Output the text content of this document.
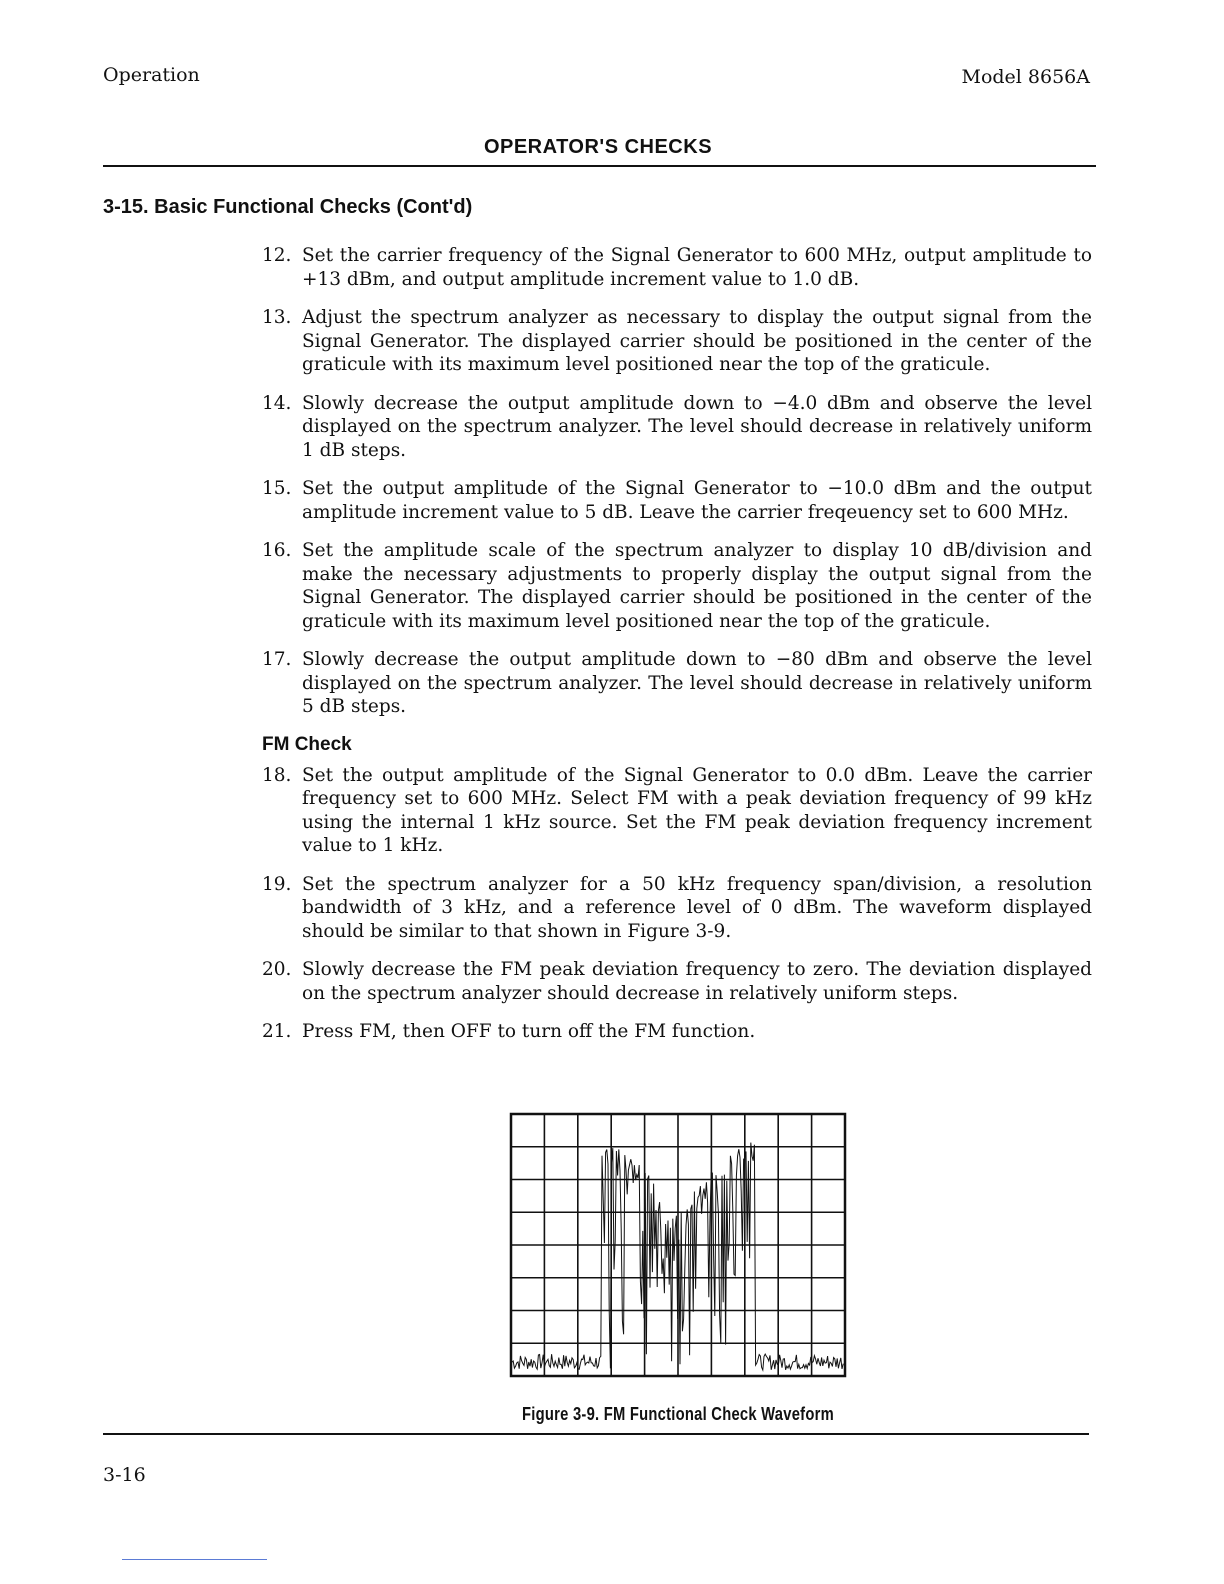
Operation	Model 8656A
OPERATOR'S CHECKS
3-15. Basic Functional Checks (Cont'd)
12. Set the carrier frequency of the Signal Generator to 600 MHz, output amplitude to +13 dBm, and output amplitude increment value to 1.0 dB.
13. Adjust the spectrum analyzer as necessary to display the output signal from the Signal Generator. The displayed carrier should be positioned in the center of the graticule with its maximum level positioned near the top of the graticule.
14. Slowly decrease the output amplitude down to −4.0 dBm and observe the level displayed on the spectrum analyzer. The level should decrease in relatively uniform 1 dB steps.
15. Set the output amplitude of the Signal Generator to −10.0 dBm and the output amplitude increment value to 5 dB. Leave the carrier freqeuency set to 600 MHz.
16. Set the amplitude scale of the spectrum analyzer to display 10 dB/division and make the necessary adjustments to properly display the output signal from the Signal Generator. The displayed carrier should be positioned in the center of the graticule with its maximum level positioned near the top of the graticule.
17. Slowly decrease the output amplitude down to −80 dBm and observe the level displayed on the spectrum analyzer. The level should decrease in relatively uniform 5 dB steps.
FM Check
18. Set the output amplitude of the Signal Generator to 0.0 dBm. Leave the carrier frequency set to 600 MHz. Select FM with a peak deviation frequency of 99 kHz using the internal 1 kHz source. Set the FM peak deviation frequency increment value to 1 kHz.
19. Set the spectrum analyzer for a 50 kHz frequency span/division, a resolution bandwidth of 3 kHz, and a reference level of 0 dBm. The waveform displayed should be similar to that shown in Figure 3-9.
20. Slowly decrease the FM peak deviation frequency to zero. The deviation displayed on the spectrum analyzer should decrease in relatively uniform steps.
21. Press FM, then OFF to turn off the FM function.
Figure 3-9. FM Functional Check Waveform
3-16
